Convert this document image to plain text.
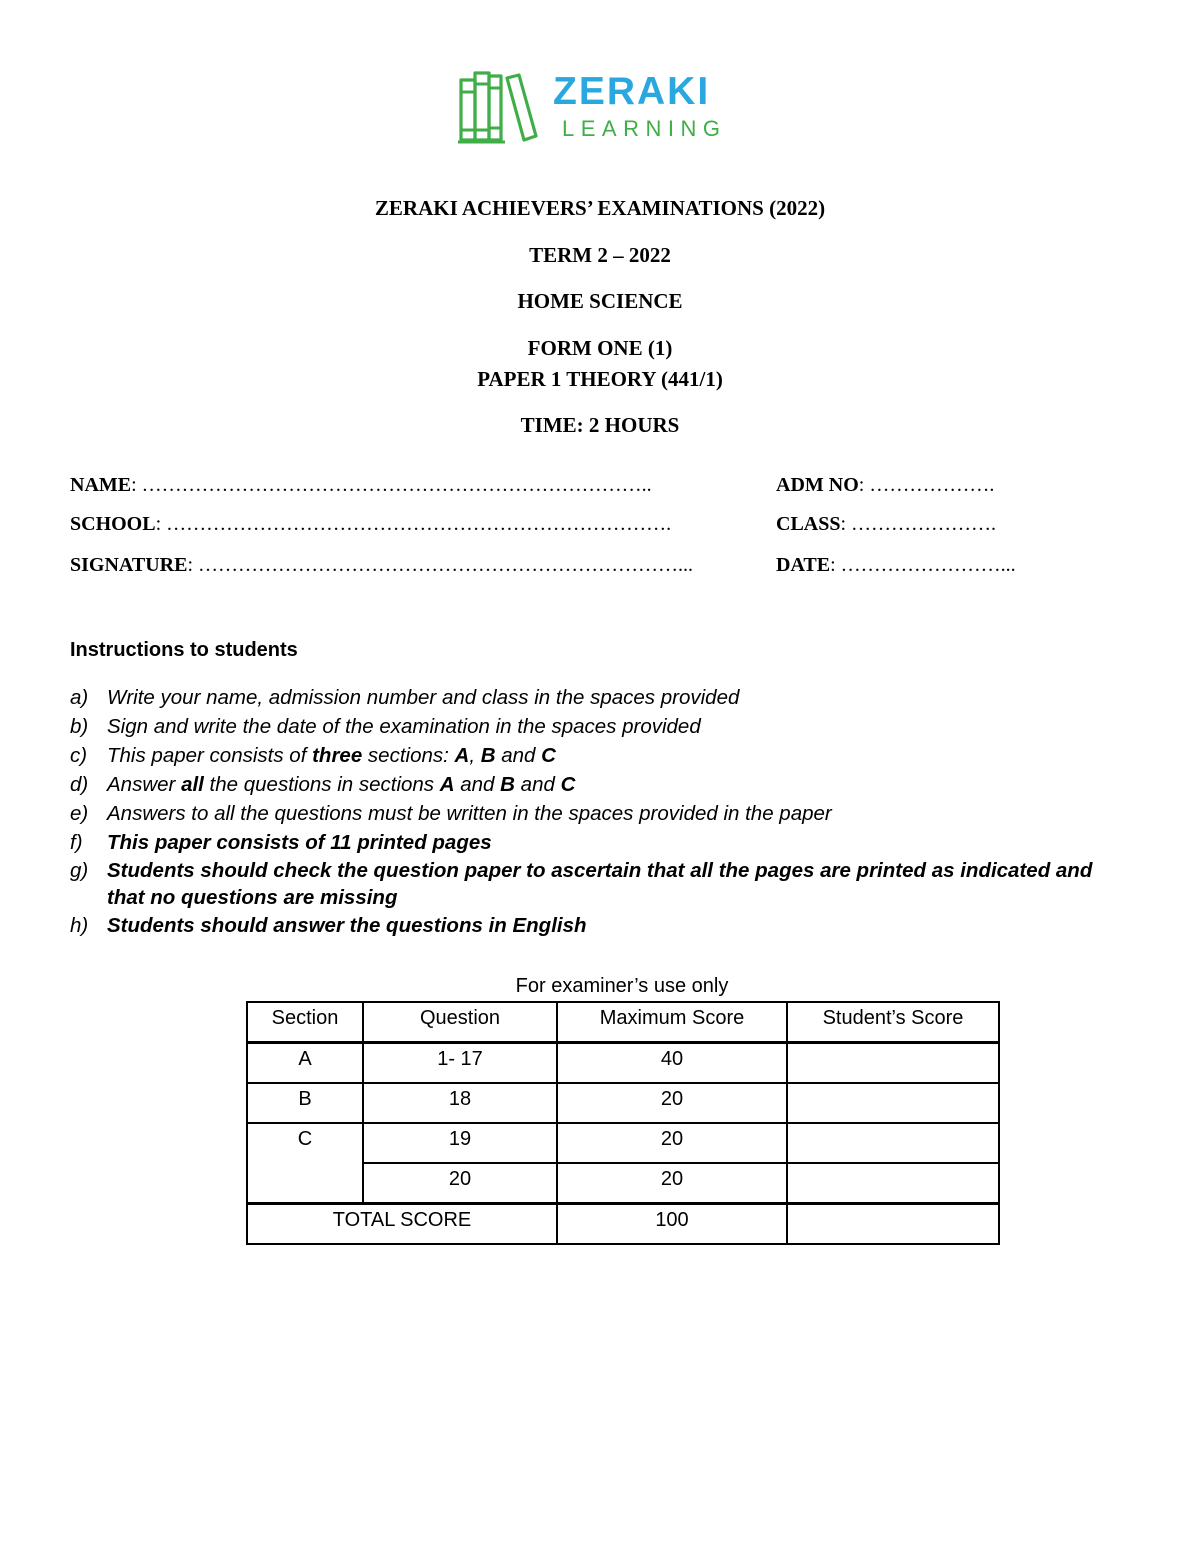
ZERAKI
LEARNING
ZERAKI ACHIEVERS’ EXAMINATIONS (2022)
TERM 2 – 2022
HOME SCIENCE
FORM ONE (1)
PAPER 1 THEORY (441/1)
TIME: 2 HOURS
NAME: …………………………………………………………………..	ADM NO: ……………….
SCHOOL: ………………………………………………………………….	CLASS: ………………….
SIGNATURE: ………………………………………………………………...	DATE: ……………………...
Instructions to students
a) Write your name, admission number and class in the spaces provided
b) Sign and write the date of the examination in the spaces provided
c) This paper consists of three sections: A, B and C
d) Answer all the questions in sections A and B and C
e) Answers to all the questions must be written in the spaces provided in the paper
f) This paper consists of 11 printed pages
g) Students should check the question paper to ascertain that all the pages are printed as indicated and that no questions are missing
h) Students should answer the questions in English
For examiner’s use only
Section	Question	Maximum Score	Student’s Score
A	1- 17	40	
B	18	20	
C	19	20	
	20	20	
TOTAL SCORE		100	
